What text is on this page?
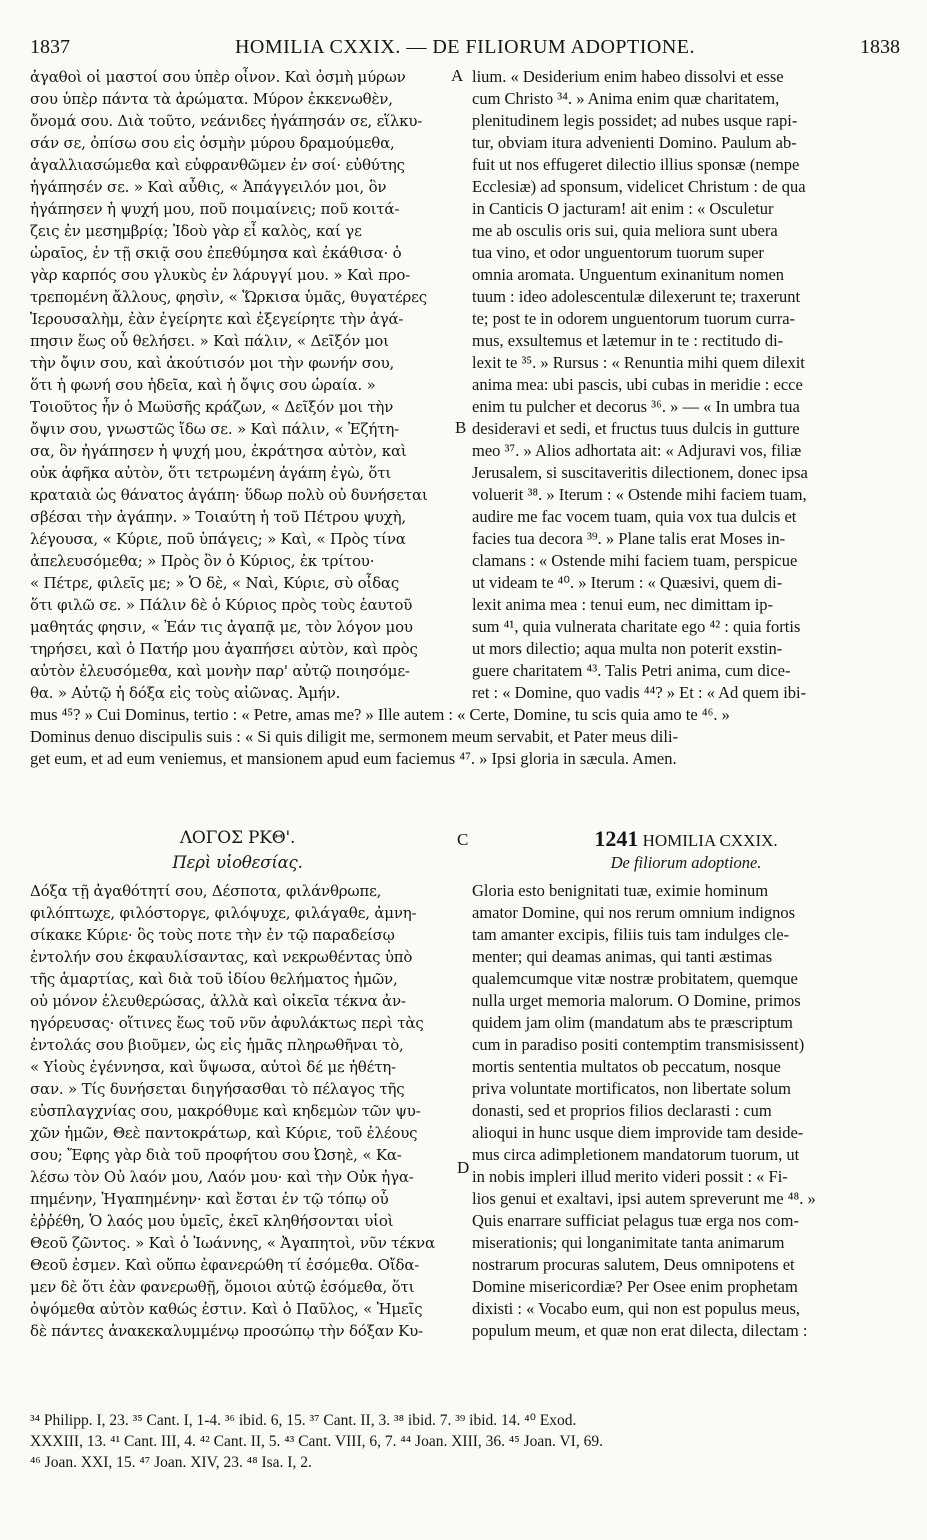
1837	HOMILIA CXXIX. — DE FILIORUM ADOPTIONE.	1838
ἀγαθοὶ οἱ μαστοί σου ὑπὲρ οἶνον. Καὶ ὀσμὴ μύρων
σου ὑπὲρ πάντα τὰ ἀρώματα. Μύρον ἐκκενωθὲν,
ὄνομά σου. Διὰ τοῦτο, νεάνιδες ἠγάπησάν σε, εἵλκυ-
σάν σε, ὀπίσω σου εἰς ὀσμὴν μύρου δραμούμεθα,
ἀγαλλιασώμεθα καὶ εὐφρανθῶμεν ἐν σοί· εὐθύτης
ἠγάπησέν σε. » Καὶ αὖθις, « Ἀπάγγειλόν μοι, ὃν
ἠγάπησεν ἡ ψυχή μου, ποῦ ποιμαίνεις; ποῦ κοιτά-
ζεις ἐν μεσημβρίᾳ; Ἰδοὺ γὰρ εἶ καλὸς, καί γε
ὡραῖος, ἐν τῇ σκιᾷ σου ἐπεθύμησα καὶ ἐκάθισα· ὁ
γὰρ καρπός σου γλυκὺς ἐν λάρυγγί μου. » Καὶ προ-
τρεπομένη ἄλλους, φησὶν, « Ὥρκισα ὑμᾶς, θυγατέρες
Ἱερουσαλὴμ, ἐὰν ἐγείρητε καὶ ἐξεγείρητε τὴν ἀγά-
πησιν ἕως οὗ θελήσει. » Καὶ πάλιν, « Δεῖξόν μοι
τὴν ὄψιν σου, καὶ ἀκούτισόν μοι τὴν φωνήν σου,
ὅτι ἡ φωνή σου ἡδεῖα, καὶ ἡ ὄψις σου ὡραία. »
Τοιοῦτος ἦν ὁ Μωϋσῆς κράζων, « Δεῖξόν μοι τὴν
ὄψιν σου, γνωστῶς ἴδω σε. » Καὶ πάλιν, « Ἐζήτη-
σα, ὃν ἠγάπησεν ἡ ψυχή μου, ἐκράτησα αὐτὸν, καὶ
οὐκ ἀφῆκα αὐτὸν, ὅτι τετρωμένη ἀγάπη ἐγὼ, ὅτι
κραταιὰ ὡς θάνατος ἀγάπη· ὕδωρ πολὺ οὐ δυνήσεται
σβέσαι τὴν ἀγάπην. » Τοιαύτη ἡ τοῦ Πέτρου ψυχὴ,
λέγουσα, « Κύριε, ποῦ ὑπάγεις; » Καὶ, « Πρὸς τίνα
ἀπελευσόμεθα; » Πρὸς ὃν ὁ Κύριος, ἐκ τρίτου·
« Πέτρε, φιλεῖς με; » Ὁ δὲ, « Ναὶ, Κύριε, σὺ οἶδας
ὅτι φιλῶ σε. » Πάλιν δὲ ὁ Κύριος πρὸς τοὺς ἑαυτοῦ
μαθητάς φησιν, « Ἐάν τις ἀγαπᾷ με, τὸν λόγον μου
τηρήσει, καὶ ὁ Πατήρ μου ἀγαπήσει αὐτὸν, καὶ πρὸς
αὐτὸν ἐλευσόμεθα, καὶ μονὴν παρ' αὐτῷ ποιησόμε-
θα. » Αὐτῷ ἡ δόξα εἰς τοὺς αἰῶνας. Ἀμήν.
lium. « Desiderium enim habeo dissolvi et esse
cum Christo ³⁴. » Anima enim quæ charitatem,
plenitudinem legis possidet; ad nubes usque rapi-
tur, obviam itura advenienti Domino. Paulum ab-
fuit ut nos effugeret dilectio illius sponsæ (nempe
Ecclesiæ) ad sponsum, videlicet Christum : de qua
in Canticis O jacturam! ait enim : « Osculetur
me ab osculis oris sui, quia meliora sunt ubera
tua vino, et odor unguentorum tuorum super
omnia aromata. Unguentum exinanitum nomen
tuum : ideo adolescentulæ dilexerunt te; traxerunt
te; post te in odorem unguentorum tuorum curra-
mus, exsultemus et lætemur in te : rectitudo di-
lexit te ³⁵. » Rursus : « Renuntia mihi quem dilexit
anima mea: ubi pascis, ubi cubas in meridie : ecce
enim tu pulcher et decorus ³⁶. » — « In umbra tua
desideravi et sedi, et fructus tuus dulcis in gutture
meo ³⁷. » Alios adhortata ait: « Adjuravi vos, filiæ
Jerusalem, si suscitaveritis dilectionem, donec ipsa
voluerit ³⁸. » Iterum : « Ostende mihi faciem tuam,
audire me fac vocem tuam, quia vox tua dulcis et
facies tua decora ³⁹. » Plane talis erat Moses in-
clamans : « Ostende mihi faciem tuam, perspicue
ut videam te ⁴⁰. » Iterum : « Quæsivi, quem di-
lexit anima mea : tenui eum, nec dimittam ip-
sum ⁴¹, quia vulnerata charitate ego ⁴² : quia fortis
ut mors dilectio; aqua multa non poterit exstin-
guere charitatem ⁴³. Talis Petri anima, cum dice-
ret : « Domine, quo vadis ⁴⁴? » Et : « Ad quem ibi-
A
B
C
D
mus ⁴⁵? » Cui Dominus, tertio : « Petre, amas me? » Ille autem : « Certe, Domine, tu scis quia amo te ⁴⁶. »
Dominus denuo discipulis suis : « Si quis diligit me, sermonem meum servabit, et Pater meus dili-
get eum, et ad eum veniemus, et mansionem apud eum faciemus ⁴⁷. » Ipsi gloria in sæcula. Amen.
ΛΟΓΟΣ ΡΚΘ'.
Περὶ υἱοθεσίας.
1241 HOMILIA CXXIX.
De filiorum adoptione.
Δόξα τῇ ἀγαθότητί σου, Δέσποτα, φιλάνθρωπε,
φιλόπτωχε, φιλόστοργε, φιλόψυχε, φιλάγαθε, ἀμνη-
σίκακε Κύριε· ὃς τοὺς ποτε τὴν ἐν τῷ παραδείσῳ
ἐντολήν σου ἐκφαυλίσαντας, καὶ νεκρωθέντας ὑπὸ
τῆς ἁμαρτίας, καὶ διὰ τοῦ ἰδίου θελήματος ἡμῶν,
οὐ μόνον ἐλευθερώσας, ἀλλὰ καὶ οἰκεῖα τέκνα ἀν-
ηγόρευσας· οἵτινες ἕως τοῦ νῦν ἀφυλάκτως περὶ τὰς
ἐντολάς σου βιοῦμεν, ὡς εἰς ἡμᾶς πληρωθῆναι τὸ,
« Υἱοὺς ἐγέννησα, καὶ ὕψωσα, αὐτοὶ δέ με ἠθέτη-
σαν. » Τίς δυνήσεται διηγήσασθαι τὸ πέλαγος τῆς
εὐσπλαγχνίας σου, μακρόθυμε καὶ κηδεμὼν τῶν ψυ-
χῶν ἡμῶν, Θεὲ παντοκράτωρ, καὶ Κύριε, τοῦ ἐλέους
σου; Ἔφης γὰρ διὰ τοῦ προφήτου σου Ὠσηὲ, « Κα-
λέσω τὸν Οὐ λαόν μου, Λαόν μου· καὶ τὴν Οὐκ ἠγα-
πημένην, Ἠγαπημένην· καὶ ἔσται ἐν τῷ τόπῳ οὗ
ἐῤῥέθη, Ὁ λαός μου ὑμεῖς, ἐκεῖ κληθήσονται υἱοὶ
Θεοῦ ζῶντος. » Καὶ ὁ Ἰωάννης, « Ἀγαπητοὶ, νῦν τέκνα
Θεοῦ ἐσμεν. Καὶ οὔπω ἐφανερώθη τί ἐσόμεθα. Οἴδα-
μεν δὲ ὅτι ἐὰν φανερωθῇ, ὅμοιοι αὐτῷ ἐσόμεθα, ὅτι
ὀψόμεθα αὐτὸν καθώς ἐστιν. Καὶ ὁ Παῦλος, « Ἡμεῖς
δὲ πάντες ἀνακεκαλυμμένῳ προσώπῳ τὴν δόξαν Κυ-
Gloria esto benignitati tuæ, eximie hominum
amator Domine, qui nos rerum omnium indignos
tam amanter excipis, filiis tuis tam indulges cle-
menter; qui deamas animas, qui tanti æstimas
qualemcumque vitæ nostræ probitatem, quemque
nulla urget memoria malorum. O Domine, primos
quidem jam olim (mandatum abs te præscriptum
cum in paradiso positi contemptim transmisissent)
mortis sententia multatos ob peccatum, nosque
priva voluntate mortificatos, non libertate solum
donasti, sed et proprios filios declarasti : cum
alioqui in hunc usque diem improvide tam deside-
mus circa adimpletionem mandatorum tuorum, ut
in nobis impleri illud merito videri possit : « Fi-
lios genui et exaltavi, ipsi autem spreverunt me ⁴⁸. »
Quis enarrare sufficiat pelagus tuæ erga nos com-
miserationis; qui longanimitate tanta animarum
nostrarum procuras salutem, Deus omnipotens et
Domine misericordiæ? Per Osee enim prophetam
dixisti : « Vocabo eum, qui non est populus meus,
populum meum, et quæ non erat dilecta, dilectam :
³⁴ Philipp. I, 23. ³⁵ Cant. I, 1-4. ³⁶ ibid. 6, 15. ³⁷ Cant. II, 3. ³⁸ ibid. 7. ³⁹ ibid. 14. ⁴⁰ Exod.
XXXIII, 13. ⁴¹ Cant. III, 4. ⁴² Cant. II, 5. ⁴³ Cant. VIII, 6, 7. ⁴⁴ Joan. XIII, 36. ⁴⁵ Joan. VI, 69.
⁴⁶ Joan. XXI, 15. ⁴⁷ Joan. XIV, 23. ⁴⁸ Isa. I, 2.
